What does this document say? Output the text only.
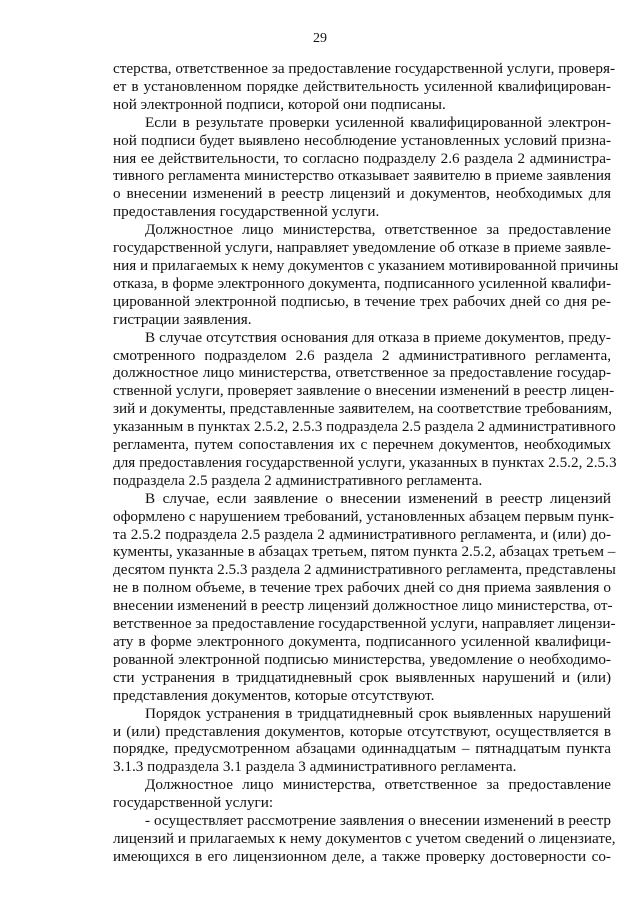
29

стерства, ответственное за предоставление государственной услуги, проверя-
ет в установленном порядке действительность усиленной квалифицирован-
ной электронной подписи, которой они подписаны.

Если в результате проверки усиленной квалифицированной электрон-
ной подписи будет выявлено несоблюдение установленных условий призна-
ния ее действительности, то согласно подразделу 2.6 раздела 2 администра-
тивного регламента министерство отказывает заявителю в приеме заявления
о внесении изменений в реестр лицензий и документов, необходимых для
предоставления государственной услуги.

Должностное лицо министерства, ответственное за предоставление
государственной услуги, направляет уведомление об отказе в приеме заявле-
ния и прилагаемых к нему документов с указанием мотивированной причины
отказа, в форме электронного документа, подписанного усиленной квалифи-
цированной электронной подписью, в течение трех рабочих дней со дня ре-
гистрации заявления.

В случае отсутствия основания для отказа в приеме документов, преду-
смотренного подразделом 2.6 раздела 2 административного регламента,
должностное лицо министерства, ответственное за предоставление государ-
ственной услуги, проверяет заявление о внесении изменений в реестр лицен-
зий и документы, представленные заявителем, на соответствие требованиям,
указанным в пунктах 2.5.2, 2.5.3 подраздела 2.5 раздела 2 административного
регламента, путем сопоставления их с перечнем документов, необходимых
для предоставления государственной услуги, указанных в пунктах 2.5.2, 2.5.3
подраздела 2.5 раздела 2 административного регламента.

В случае, если заявление о внесении изменений в реестр лицензий
оформлено с нарушением требований, установленных абзацем первым пунк-
та 2.5.2 подраздела 2.5 раздела 2 административного регламента, и (или) до-
кументы, указанные в абзацах третьем, пятом пункта 2.5.2, абзацах третьем –
десятом пункта 2.5.3 раздела 2 административного регламента, представлены
не в полном объеме, в течение трех рабочих дней со дня приема заявления о
внесении изменений в реестр лицензий должностное лицо министерства, от-
ветственное за предоставление государственной услуги, направляет лицензи-
ату в форме электронного документа, подписанного усиленной квалифици-
рованной электронной подписью министерства, уведомление о необходимо-
сти устранения в тридцатидневный срок выявленных нарушений и (или)
представления документов, которые отсутствуют.

Порядок устранения в тридцатидневный срок выявленных нарушений
и (или) представления документов, которые отсутствуют, осуществляется в
порядке, предусмотренном абзацами одиннадцатым – пятнадцатым пункта
3.1.3 подраздела 3.1 раздела 3 административного регламента.

Должностное лицо министерства, ответственное за предоставление
государственной услуги:

- осуществляет рассмотрение заявления о внесении изменений в реестр
лицензий и прилагаемых к нему документов с учетом сведений о лицензиате,
имеющихся в его лицензионном деле, а также проверку достоверности со-
